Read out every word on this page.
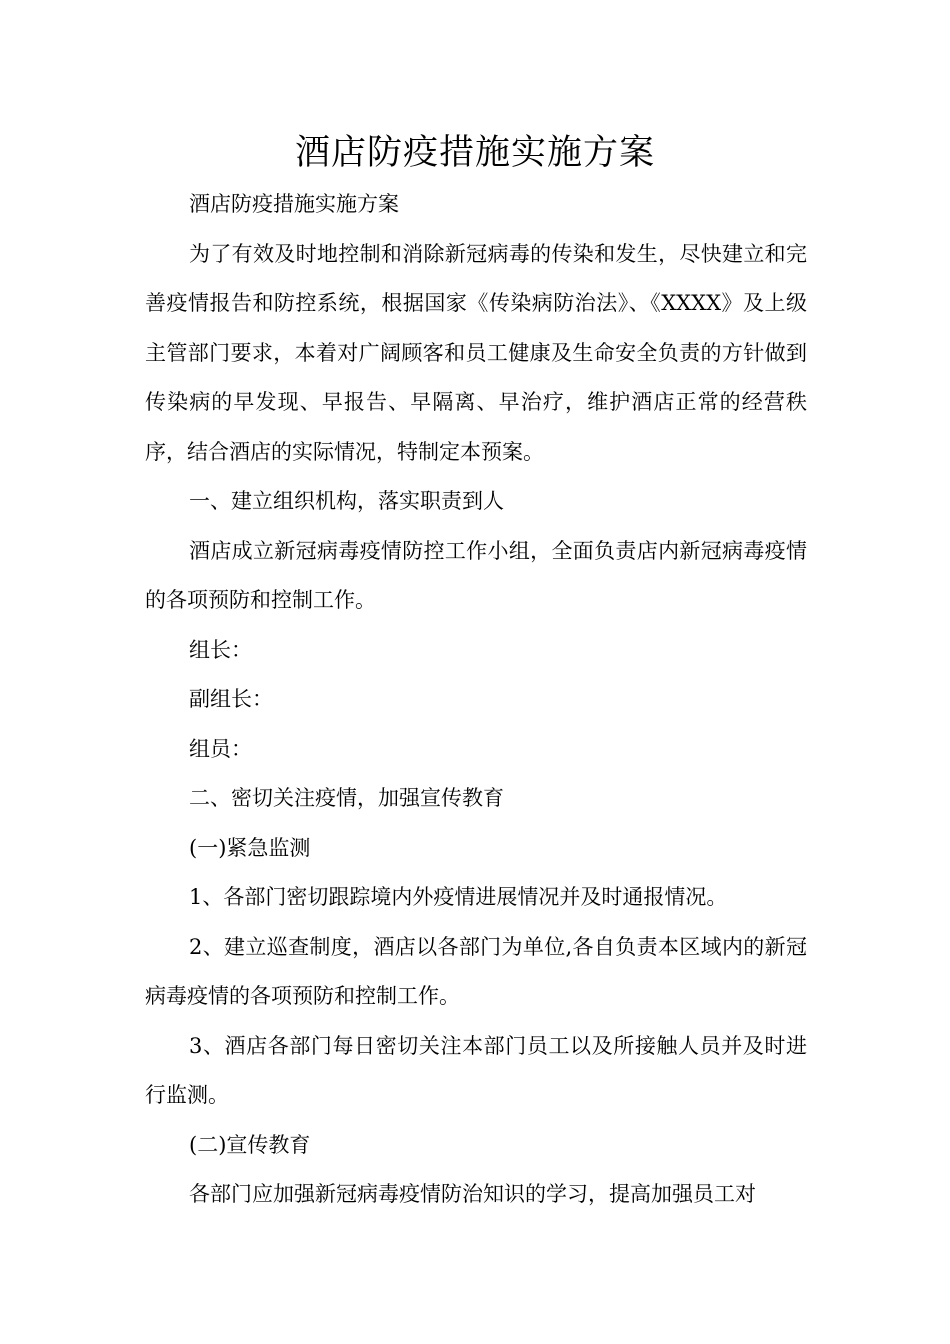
酒店防疫措施实施方案

酒店防疫措施实施方案

为了有效及时地控制和消除新冠病毒的传染和发生，尽快建立和完善疫情报告和防控系统，根据国家《传染病防治法》、《XXXX》及上级主管部门要求，本着对广阔顾客和员工健康及生命安全负责的方针做到传染病的早发现、早报告、早隔离、早治疗，维护酒店正常的经营秩序，结合酒店的实际情况，特制定本预案。

一、建立组织机构，落实职责到人

酒店成立新冠病毒疫情防控工作小组，全面负责店内新冠病毒疫情的各项预防和控制工作。

组长：

副组长：

组员：

二、密切关注疫情，加强宣传教育

(一)紧急监测

1、各部门密切跟踪境内外疫情进展情况并及时通报情况。

2、建立巡查制度，酒店以各部门为单位,各自负责本区域内的新冠病毒疫情的各项预防和控制工作。

3、酒店各部门每日密切关注本部门员工以及所接触人员并及时进行监测。

(二)宣传教育

各部门应加强新冠病毒疫情防治知识的学习，提高加强员工对
